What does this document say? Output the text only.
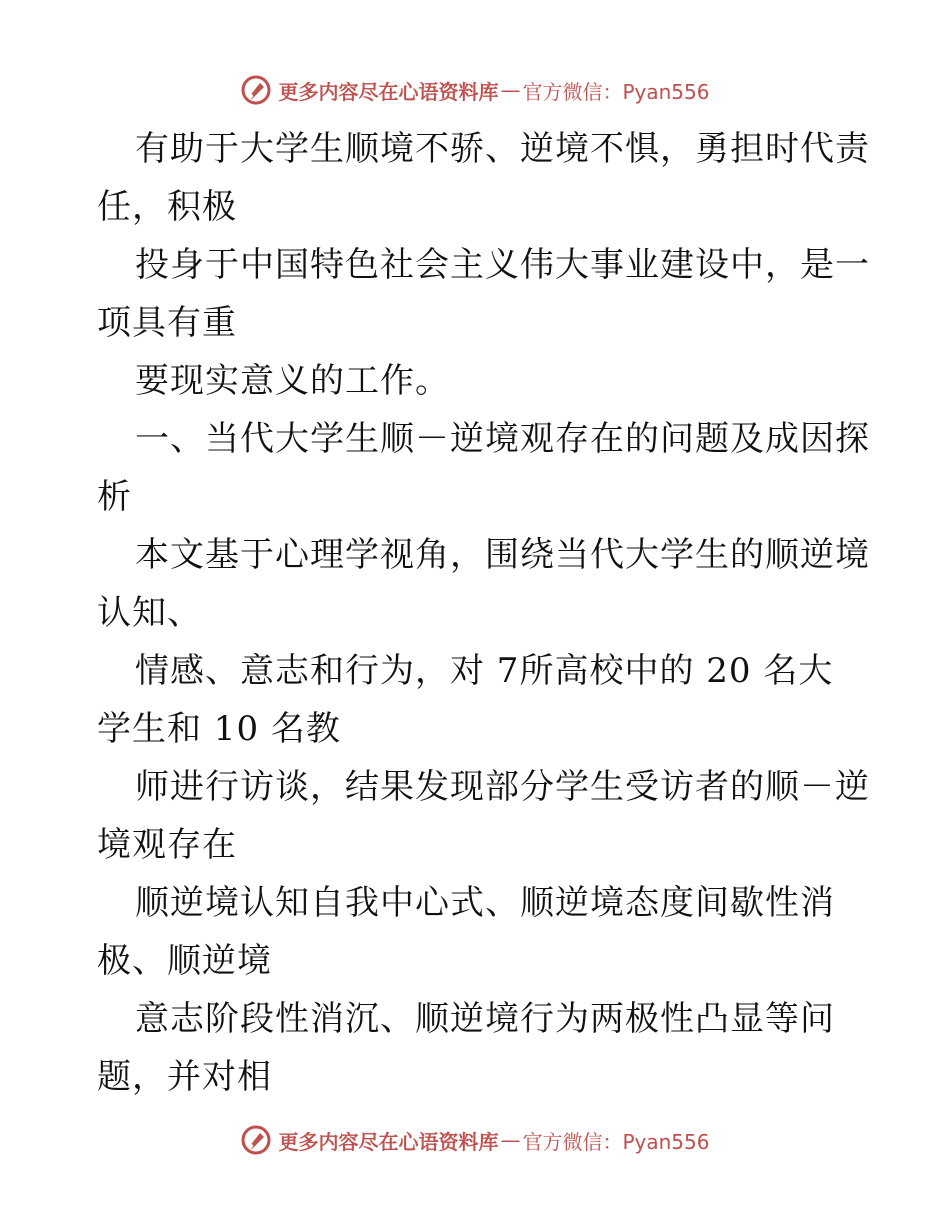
更多内容尽在心语资料库 — 官方微信：Pyan556
有助于大学生顺境不骄、逆境不惧，勇担时代责
任，积极
投身于中国特色社会主义伟大事业建设中，是一
项具有重
要现实意义的工作。
一、当代大学生顺－逆境观存在的问题及成因探
析
本文基于心理学视角，围绕当代大学生的顺逆境
认知、
情感、意志和行为，对 7所高校中的 20 名大
学生和 10 名教
师进行访谈，结果发现部分学生受访者的顺－逆
境观存在
顺逆境认知自我中心式、顺逆境态度间歇性消
极、顺逆境
意志阶段性消沉、顺逆境行为两极性凸显等问
题，并对相
更多内容尽在心语资料库 — 官方微信：Pyan556
